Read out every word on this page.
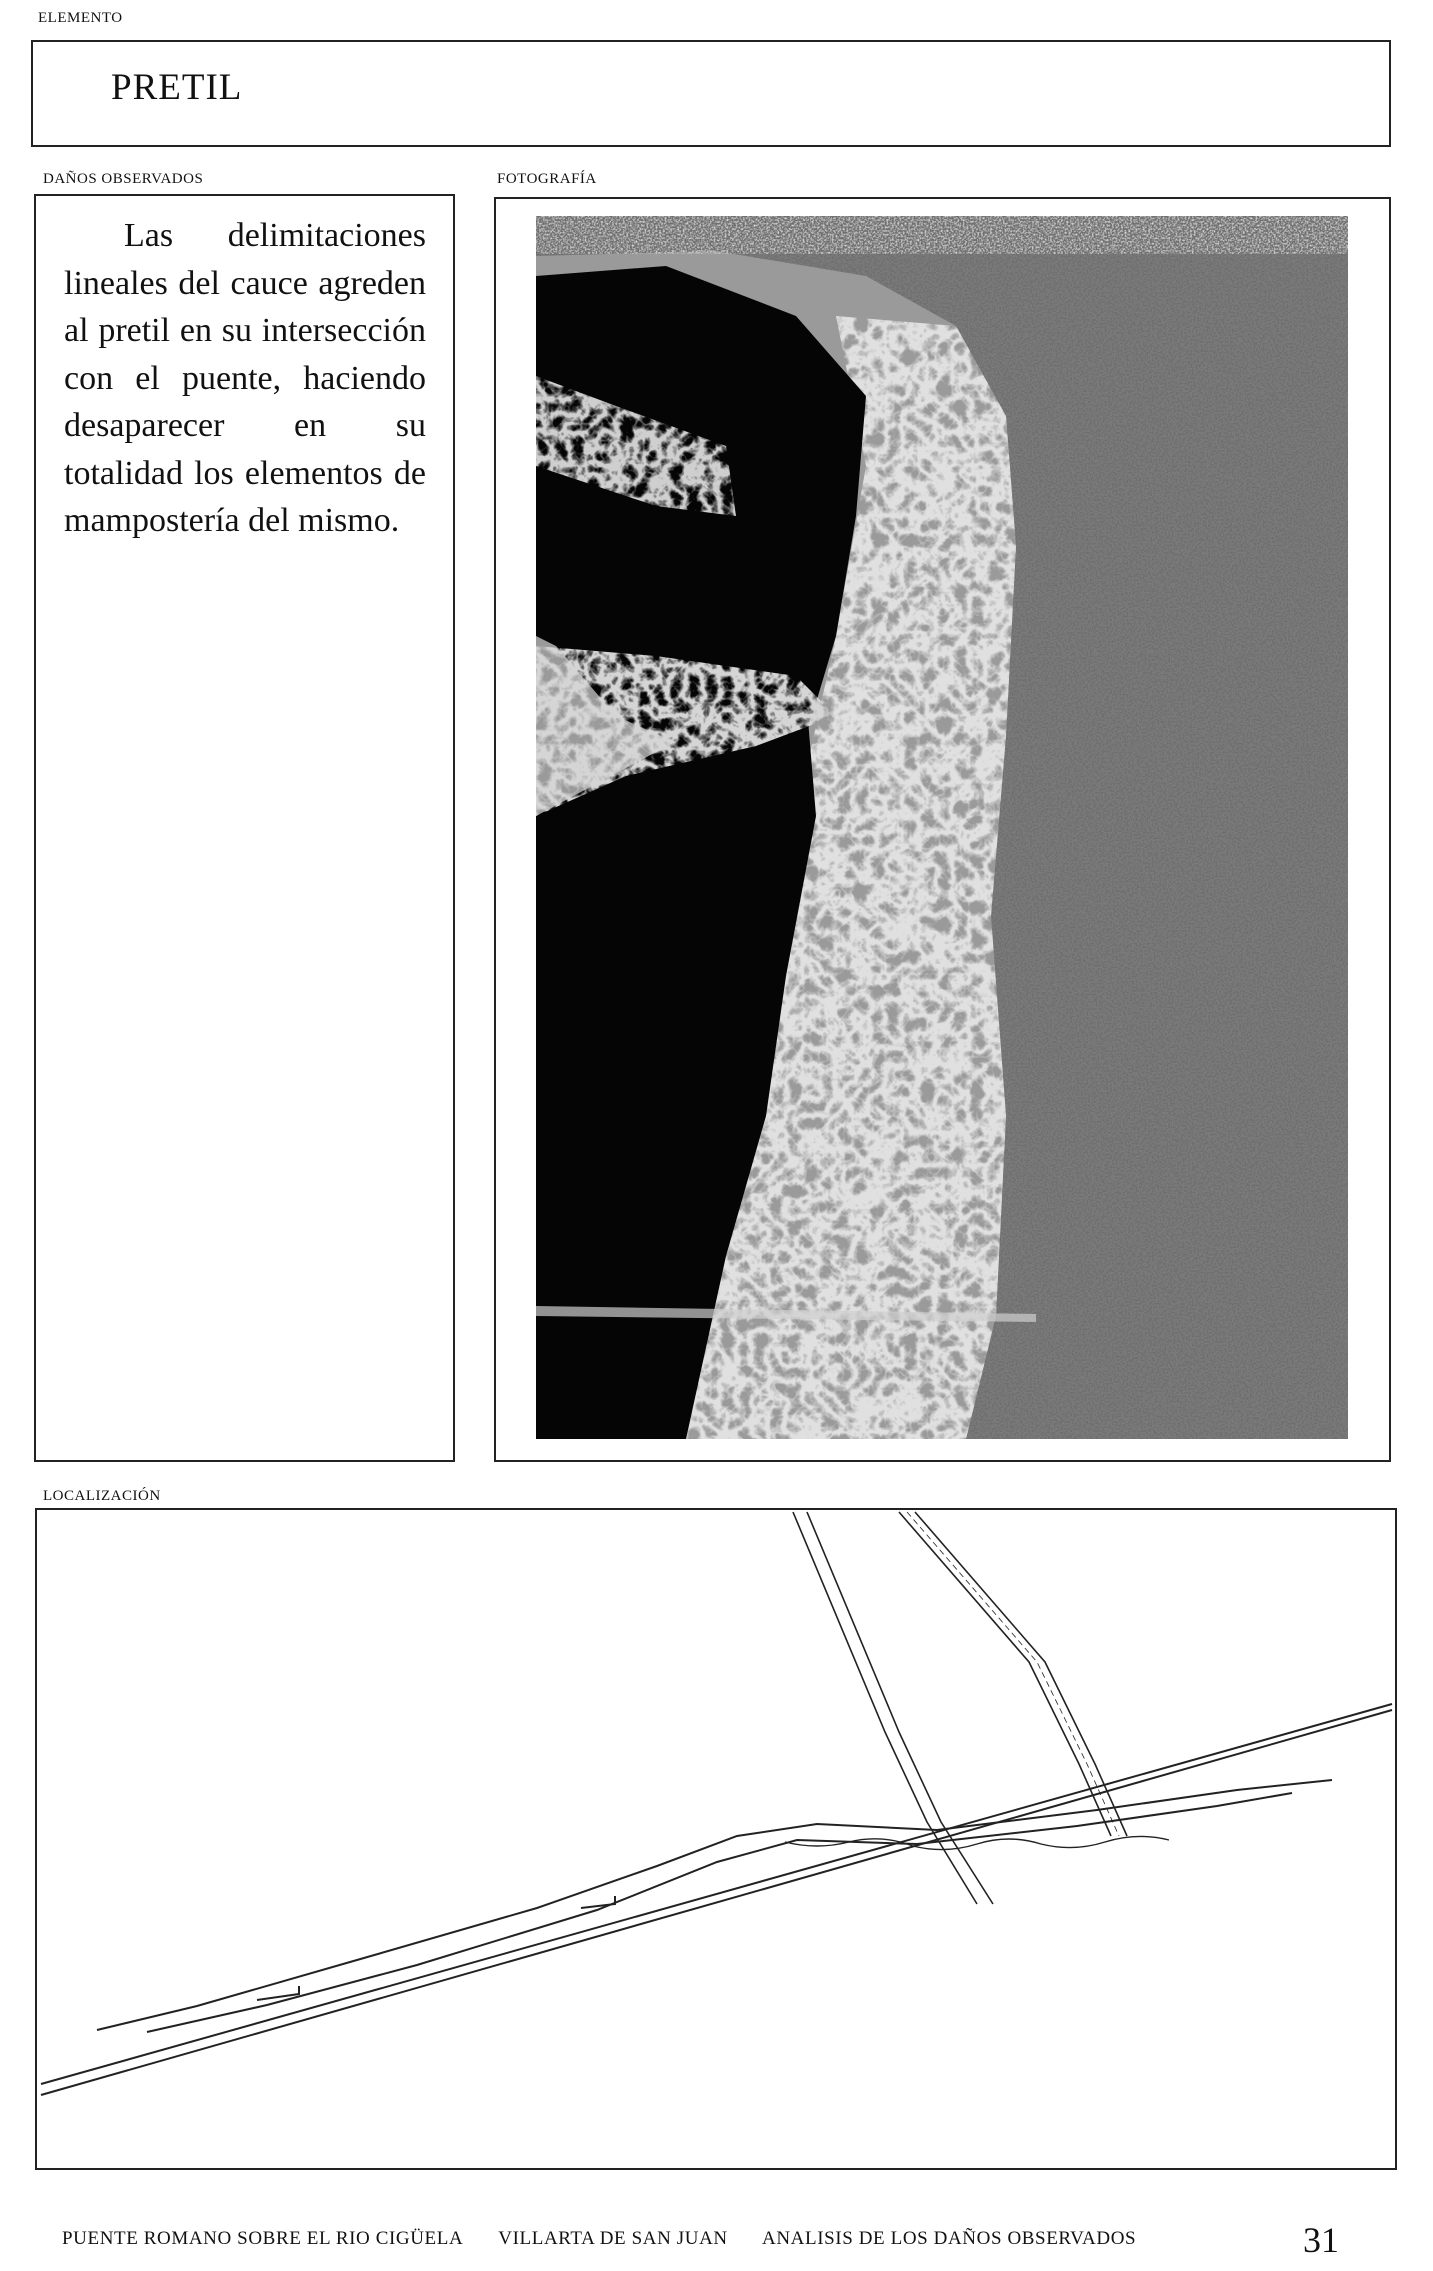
ELEMENTO
PRETIL
DAÑOS OBSERVADOS	FOTOGRAFÍA
Las delimitaciones lineales del cauce agreden al pretil en su intersección con el puente, haciendo desaparecer en su totalidad los elementos de mampostería del mismo.
LOCALIZACIÓN
PUENTE ROMANO SOBRE EL RIO CIGÜELA VILLARTA DE SAN JUAN ANALISIS DE LOS DAÑOS OBSERVADOS	31
